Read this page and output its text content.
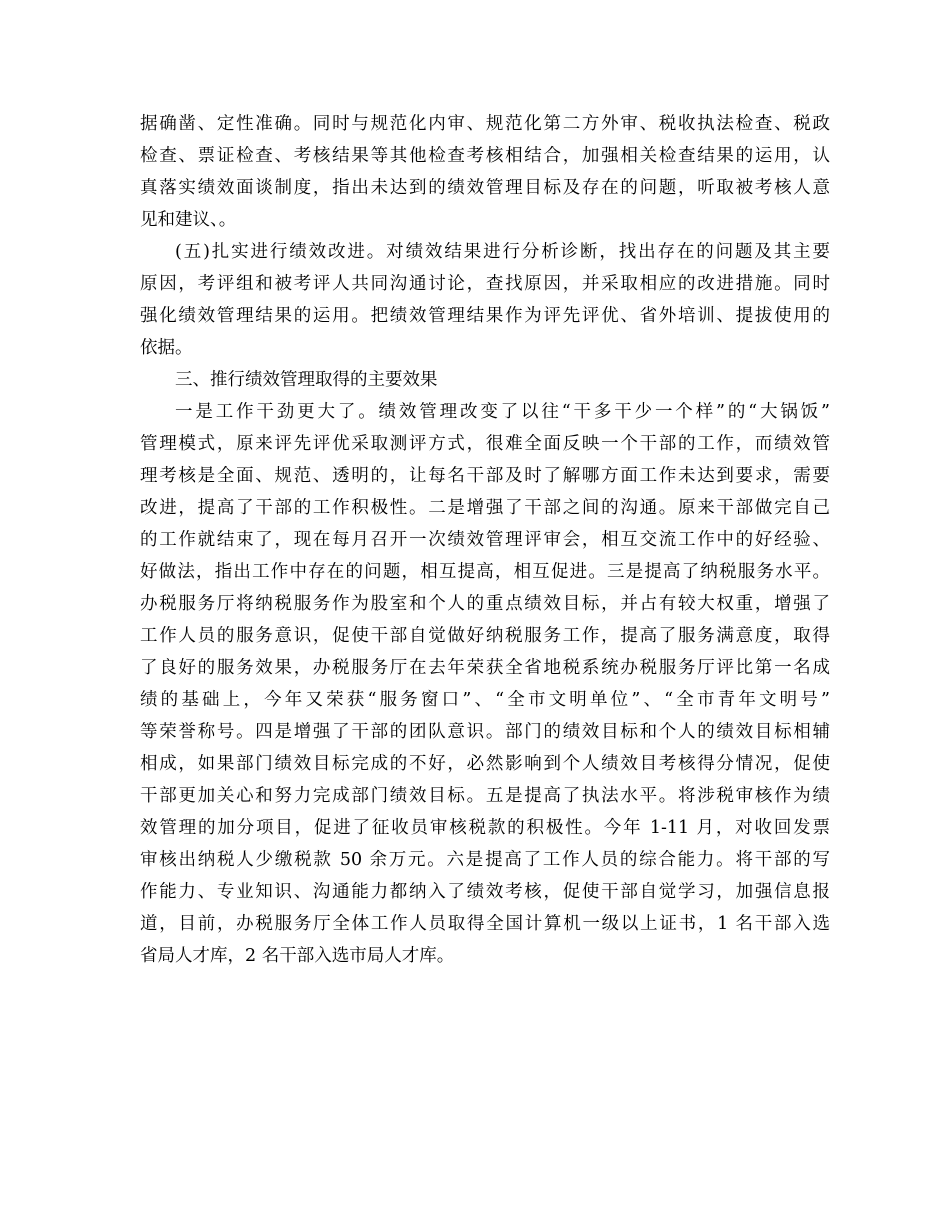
据确凿、定性准确。同时与规范化内审、规范化第二方外审、税收执法检查、税政
检查、票证检查、考核结果等其他检查考核相结合，加强相关检查结果的运用，认
真落实绩效面谈制度，指出未达到的绩效管理目标及存在的问题，听取被考核人意
见和建议、。
(五)扎实进行绩效改进。对绩效结果进行分析诊断，找出存在的问题及其主要
原因，考评组和被考评人共同沟通讨论，查找原因，并采取相应的改进措施。同时
强化绩效管理结果的运用。把绩效管理结果作为评先评优、省外培训、提拔使用的
依据。
三、推行绩效管理取得的主要效果
一是工作干劲更大了。绩效管理改变了以往“干多干少一个样”的“大锅饭”
管理模式，原来评先评优采取测评方式，很难全面反映一个干部的工作，而绩效管
理考核是全面、规范、透明的，让每名干部及时了解哪方面工作未达到要求，需要
改进，提高了干部的工作积极性。二是增强了干部之间的沟通。原来干部做完自己
的工作就结束了，现在每月召开一次绩效管理评审会，相互交流工作中的好经验、
好做法，指出工作中存在的问题，相互提高，相互促进。三是提高了纳税服务水平。
办税服务厅将纳税服务作为股室和个人的重点绩效目标，并占有较大权重，增强了
工作人员的服务意识，促使干部自觉做好纳税服务工作，提高了服务满意度，取得
了良好的服务效果，办税服务厅在去年荣获全省地税系统办税服务厅评比第一名成
绩的基础上，今年又荣获“服务窗口”、“全市文明单位”、“全市青年文明号”
等荣誉称号。四是增强了干部的团队意识。部门的绩效目标和个人的绩效目标相辅
相成，如果部门绩效目标完成的不好，必然影响到个人绩效目考核得分情况，促使
干部更加关心和努力完成部门绩效目标。五是提高了执法水平。将涉税审核作为绩
效管理的加分项目，促进了征收员审核税款的积极性。今年 1-11 月，对收回发票
审核出纳税人少缴税款 50 余万元。六是提高了工作人员的综合能力。将干部的写
作能力、专业知识、沟通能力都纳入了绩效考核，促使干部自觉学习，加强信息报
道，目前，办税服务厅全体工作人员取得全国计算机一级以上证书，1 名干部入选
省局人才库，2 名干部入选市局人才库。
